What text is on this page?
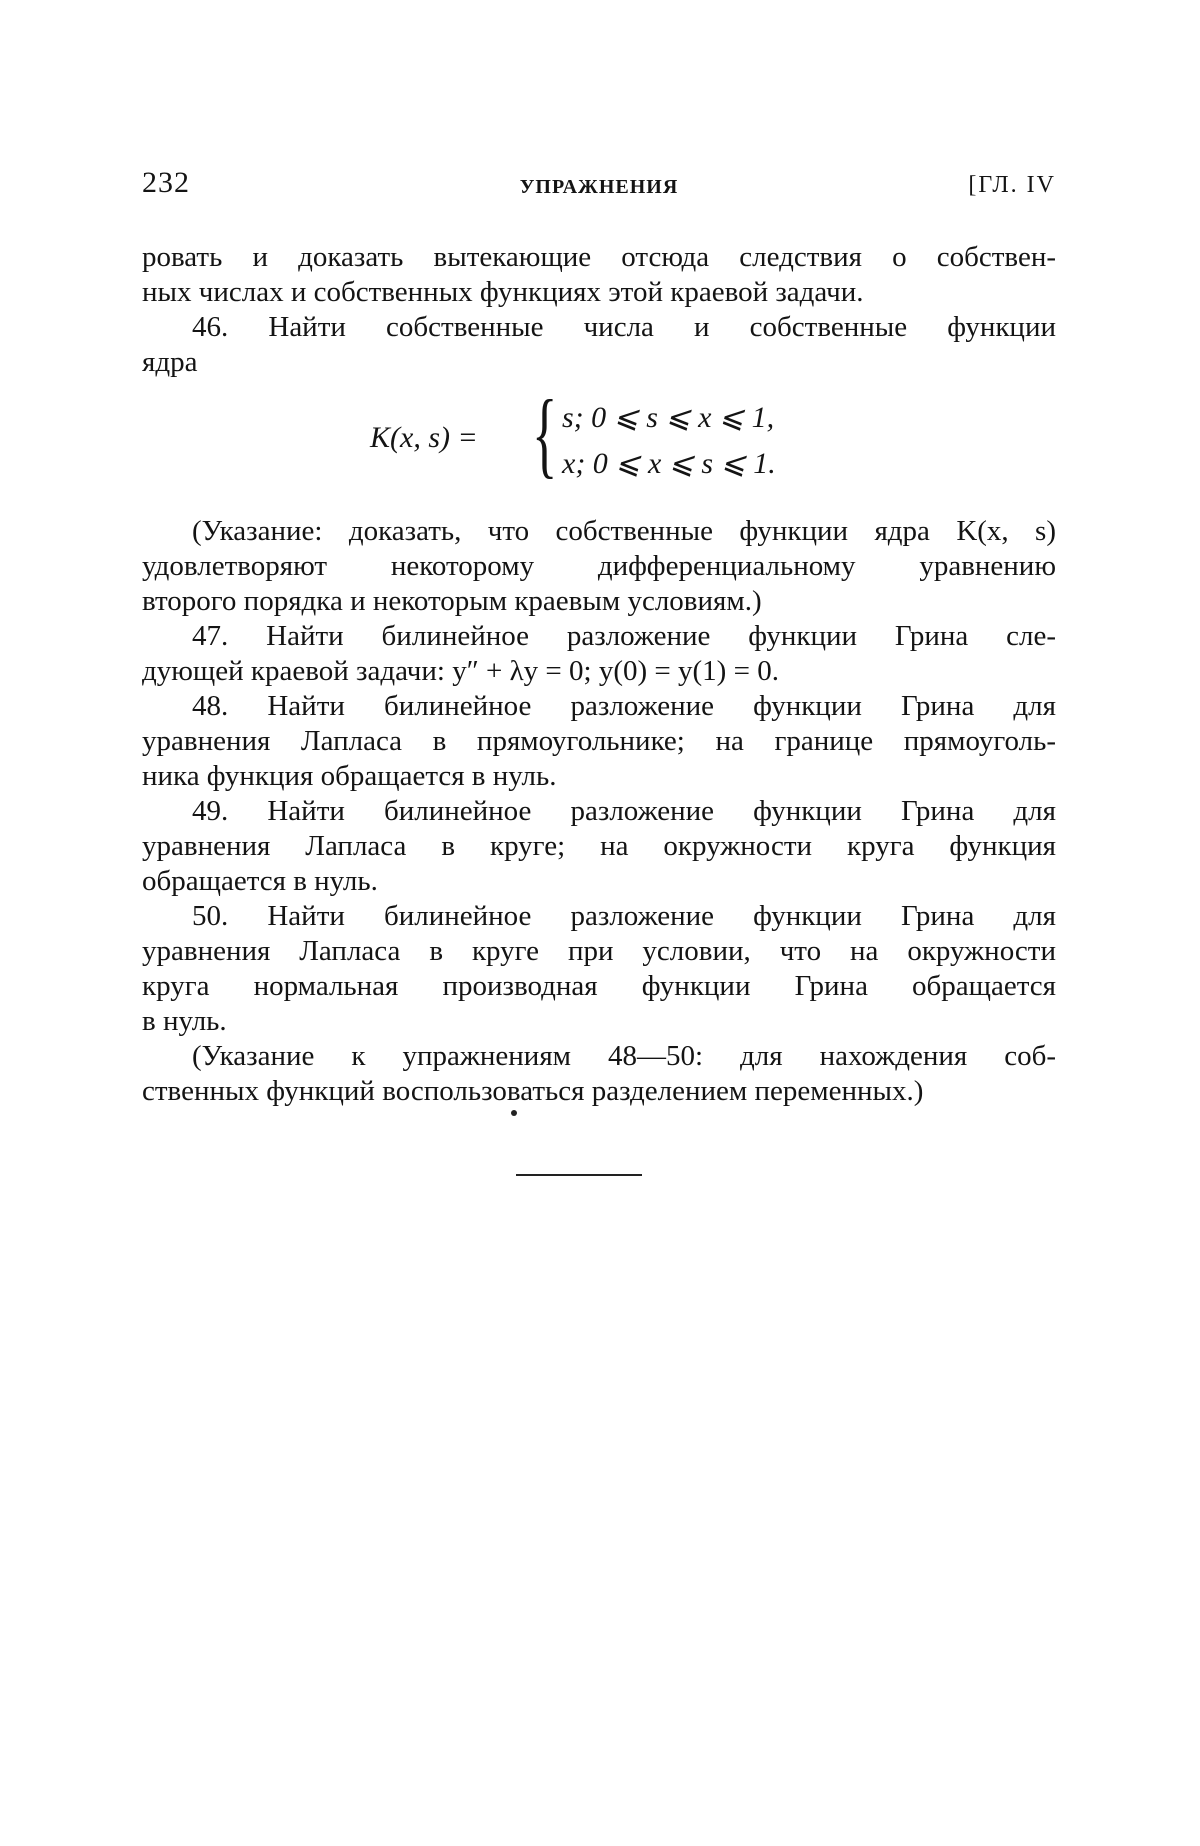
232	УПРАЖНЕНИЯ	[ГЛ. IV
ровать и доказать вытекающие отсюда следствия о собствен-
ных числах и собственных функциях этой краевой задачи.
46. Найти собственные числа и собственные функции
ядра
K(x, s) = { s; 0 ⩽ s ⩽ x ⩽ 1,
x; 0 ⩽ x ⩽ s ⩽ 1.
(Указание: доказать, что собственные функции ядра K(x, s)
удовлетворяют некоторому дифференциальному уравнению
второго порядка и некоторым краевым условиям.)
47. Найти билинейное разложение функции Грина сле-
дующей краевой задачи: y″ + λy = 0; y(0) = y(1) = 0.
48. Найти билинейное разложение функции Грина для
уравнения Лапласа в прямоугольнике; на границе прямоуголь-
ника функция обращается в нуль.
49. Найти билинейное разложение функции Грина для
уравнения Лапласа в круге; на окружности круга функция
обращается в нуль.
50. Найти билинейное разложение функции Грина для
уравнения Лапласа в круге при условии, что на окружности
круга нормальная производная функции Грина обращается
в нуль.
(Указание к упражнениям 48—50: для нахождения соб-
ственных функций воспользоваться разделением переменных.)
